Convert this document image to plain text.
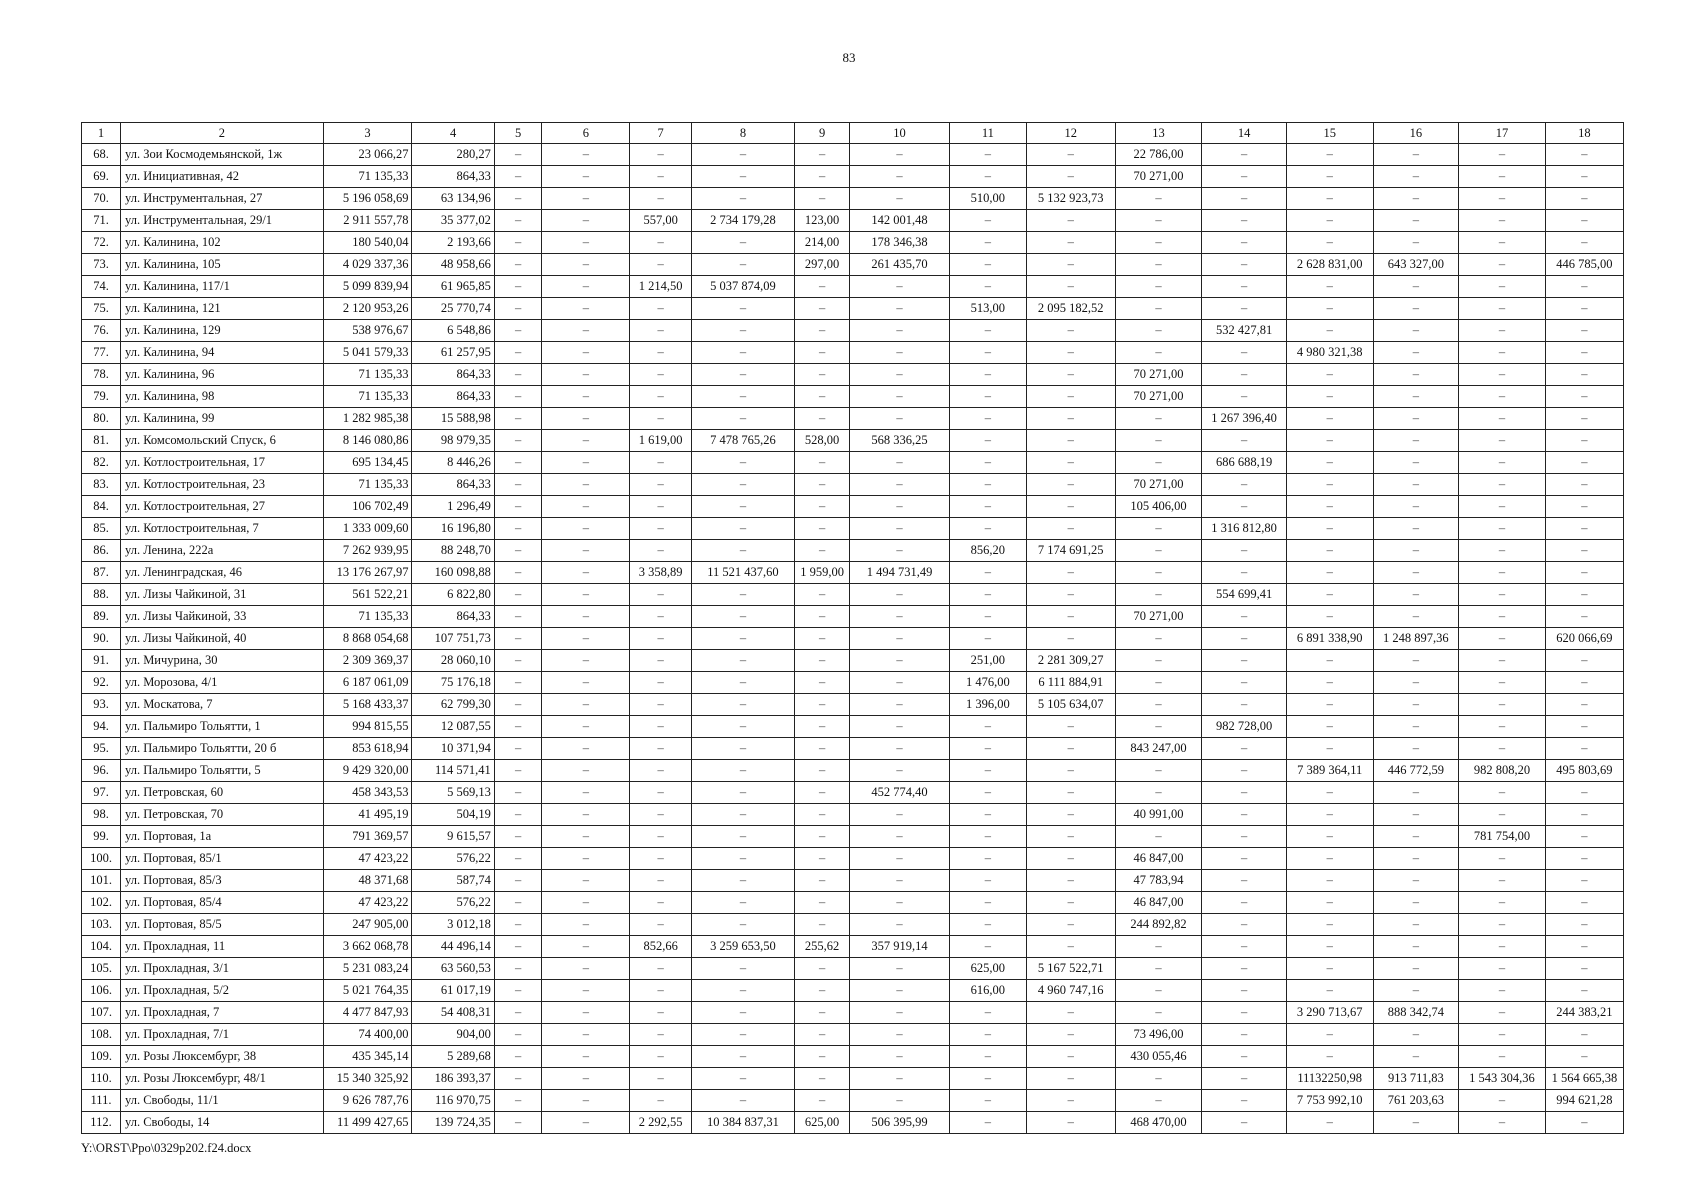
83
1	2	3	4	5	6	7	8	9	10	11	12	13	14	15	16	17	18
68.	ул. Зои Космодемьянской, 1ж	23 066,27	280,27	–	–	–	–	–	–	–	–	22 786,00	–	–	–	–	–
69.	ул. Инициативная, 42	71 135,33	864,33	–	–	–	–	–	–	–	–	70 271,00	–	–	–	–	–
70.	ул. Инструментальная, 27	5 196 058,69	63 134,96	–	–	–	–	–	–	510,00	5 132 923,73	–	–	–	–	–	–
71.	ул. Инструментальная, 29/1	2 911 557,78	35 377,02	–	–	557,00	2 734 179,28	123,00	142 001,48	–	–	–	–	–	–	–	–
72.	ул. Калинина, 102	180 540,04	2 193,66	–	–	–	–	214,00	178 346,38	–	–	–	–	–	–	–	–
73.	ул. Калинина, 105	4 029 337,36	48 958,66	–	–	–	–	297,00	261 435,70	–	–	–	–	2 628 831,00	643 327,00	–	446 785,00
74.	ул. Калинина, 117/1	5 099 839,94	61 965,85	–	–	1 214,50	5 037 874,09	–	–	–	–	–	–	–	–	–	–
75.	ул. Калинина, 121	2 120 953,26	25 770,74	–	–	–	–	–	–	513,00	2 095 182,52	–	–	–	–	–	–
76.	ул. Калинина, 129	538 976,67	6 548,86	–	–	–	–	–	–	–	–	–	532 427,81	–	–	–	–
77.	ул. Калинина, 94	5 041 579,33	61 257,95	–	–	–	–	–	–	–	–	–	–	4 980 321,38	–	–	–
78.	ул. Калинина, 96	71 135,33	864,33	–	–	–	–	–	–	–	–	70 271,00	–	–	–	–	–
79.	ул. Калинина, 98	71 135,33	864,33	–	–	–	–	–	–	–	–	70 271,00	–	–	–	–	–
80.	ул. Калинина, 99	1 282 985,38	15 588,98	–	–	–	–	–	–	–	–	–	1 267 396,40	–	–	–	–
81.	ул. Комсомольский Спуск, 6	8 146 080,86	98 979,35	–	–	1 619,00	7 478 765,26	528,00	568 336,25	–	–	–	–	–	–	–	–
82.	ул. Котлостроительная, 17	695 134,45	8 446,26	–	–	–	–	–	–	–	–	–	686 688,19	–	–	–	–
83.	ул. Котлостроительная, 23	71 135,33	864,33	–	–	–	–	–	–	–	–	70 271,00	–	–	–	–	–
84.	ул. Котлостроительная, 27	106 702,49	1 296,49	–	–	–	–	–	–	–	–	105 406,00	–	–	–	–	–
85.	ул. Котлостроительная, 7	1 333 009,60	16 196,80	–	–	–	–	–	–	–	–	–	1 316 812,80	–	–	–	–
86.	ул. Ленина, 222а	7 262 939,95	88 248,70	–	–	–	–	–	–	856,20	7 174 691,25	–	–	–	–	–	–
87.	ул. Ленинградская, 46	13 176 267,97	160 098,88	–	–	3 358,89	11 521 437,60	1 959,00	1 494 731,49	–	–	–	–	–	–	–	–
88.	ул. Лизы Чайкиной, 31	561 522,21	6 822,80	–	–	–	–	–	–	–	–	–	554 699,41	–	–	–	–
89.	ул. Лизы Чайкиной, 33	71 135,33	864,33	–	–	–	–	–	–	–	–	70 271,00	–	–	–	–	–
90.	ул. Лизы Чайкиной, 40	8 868 054,68	107 751,73	–	–	–	–	–	–	–	–	–	–	6 891 338,90	1 248 897,36	–	620 066,69
91.	ул. Мичурина, 30	2 309 369,37	28 060,10	–	–	–	–	–	–	251,00	2 281 309,27	–	–	–	–	–	–
92.	ул. Морозова, 4/1	6 187 061,09	75 176,18	–	–	–	–	–	–	1 476,00	6 111 884,91	–	–	–	–	–	–
93.	ул. Москатова, 7	5 168 433,37	62 799,30	–	–	–	–	–	–	1 396,00	5 105 634,07	–	–	–	–	–	–
94.	ул. Пальмиро Тольятти, 1	994 815,55	12 087,55	–	–	–	–	–	–	–	–	–	982 728,00	–	–	–	–
95.	ул. Пальмиро Тольятти, 20 б	853 618,94	10 371,94	–	–	–	–	–	–	–	–	843 247,00	–	–	–	–	–
96.	ул. Пальмиро Тольятти, 5	9 429 320,00	114 571,41	–	–	–	–	–	–	–	–	–	–	7 389 364,11	446 772,59	982 808,20	495 803,69
97.	ул. Петровская, 60	458 343,53	5 569,13	–	–	–	–	–	452 774,40	–	–	–	–	–	–	–	–
98.	ул. Петровская, 70	41 495,19	504,19	–	–	–	–	–	–	–	–	40 991,00	–	–	–	–	–
99.	ул. Портовая, 1а	791 369,57	9 615,57	–	–	–	–	–	–	–	–	–	–	–	–	781 754,00	–
100.	ул. Портовая, 85/1	47 423,22	576,22	–	–	–	–	–	–	–	–	46 847,00	–	–	–	–	–
101.	ул. Портовая, 85/3	48 371,68	587,74	–	–	–	–	–	–	–	–	47 783,94	–	–	–	–	–
102.	ул. Портовая, 85/4	47 423,22	576,22	–	–	–	–	–	–	–	–	46 847,00	–	–	–	–	–
103.	ул. Портовая, 85/5	247 905,00	3 012,18	–	–	–	–	–	–	–	–	244 892,82	–	–	–	–	–
104.	ул. Прохладная, 11	3 662 068,78	44 496,14	–	–	852,66	3 259 653,50	255,62	357 919,14	–	–	–	–	–	–	–	–
105.	ул. Прохладная, 3/1	5 231 083,24	63 560,53	–	–	–	–	–	–	625,00	5 167 522,71	–	–	–	–	–	–
106.	ул. Прохладная, 5/2	5 021 764,35	61 017,19	–	–	–	–	–	–	616,00	4 960 747,16	–	–	–	–	–	–
107.	ул. Прохладная, 7	4 477 847,93	54 408,31	–	–	–	–	–	–	–	–	–	–	3 290 713,67	888 342,74	–	244 383,21
108.	ул. Прохладная, 7/1	74 400,00	904,00	–	–	–	–	–	–	–	–	73 496,00	–	–	–	–	–
109.	ул. Розы Люксембург, 38	435 345,14	5 289,68	–	–	–	–	–	–	–	–	430 055,46	–	–	–	–	–
110.	ул. Розы Люксембург, 48/1	15 340 325,92	186 393,37	–	–	–	–	–	–	–	–	–	–	11132250,98	913 711,83	1 543 304,36	1 564 665,38
111.	ул. Свободы, 11/1	9 626 787,76	116 970,75	–	–	–	–	–	–	–	–	–	–	7 753 992,10	761 203,63	–	994 621,28
112.	ул. Свободы, 14	11 499 427,65	139 724,35	–	–	2 292,55	10 384 837,31	625,00	506 395,99	–	–	468 470,00	–	–	–	–	–
Y:\ORST\Ppo\0329p202.f24.docx
